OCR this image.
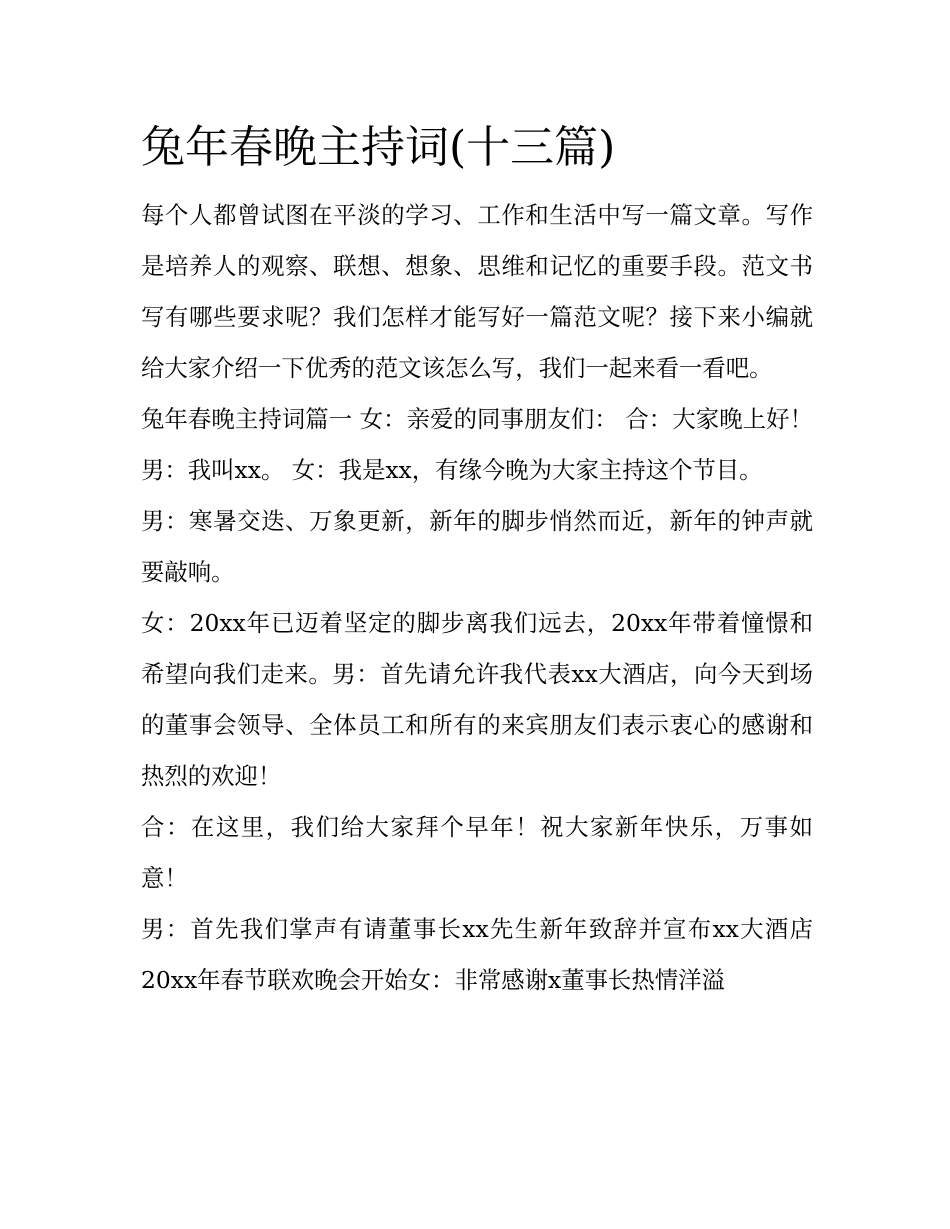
兔年春晚主持词(十三篇)

每个人都曾试图在平淡的学习、工作和生活中写一篇文章。写作是培养人的观察、联想、想象、思维和记忆的重要手段。范文书写有哪些要求呢？我们怎样才能写好一篇范文呢？接下来小编就给大家介绍一下优秀的范文该怎么写，我们一起来看一看吧。

兔年春晚主持词篇一 女：亲爱的同事朋友们： 合：大家晚上好！ 男：我叫xx。 女：我是xx，有缘今晚为大家主持这个节目。

男：寒暑交迭、万象更新，新年的脚步悄然而近，新年的钟声就要敲响。

女：20xx年已迈着坚定的脚步离我们远去，20xx年带着憧憬和希望向我们走来。男：首先请允许我代表xx大酒店，向今天到场的董事会领导、全体员工和所有的来宾朋友们表示衷心的感谢和热烈的欢迎！

合：在这里，我们给大家拜个早年！祝大家新年快乐，万事如意！

男：首先我们掌声有请董事长xx先生新年致辞并宣布xx大酒店20xx年春节联欢晚会开始女：非常感谢x董事长热情洋溢
